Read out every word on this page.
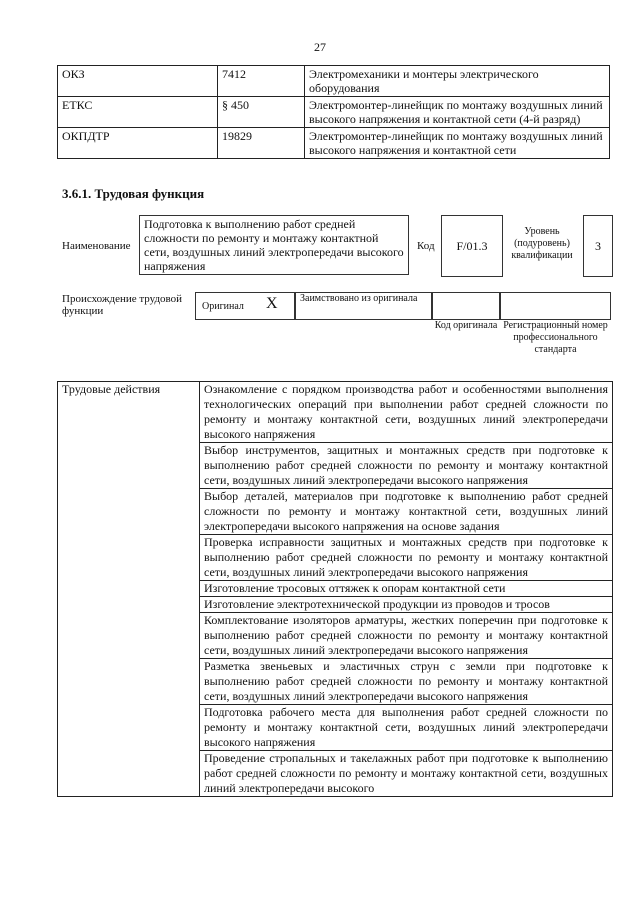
27
ОКЗ	7412	Электромеханики и монтеры электрического оборудования
ЕТКС	§ 450	Электромонтер-линейщик по монтажу воздушных линий высокого напряжения и контактной сети (4-й разряд)
ОКПДТР	19829	Электромонтер-линейщик по монтажу воздушных линий высокого напряжения и контактной сети
3.6.1. Трудовая функция
Наименование
Подготовка к выполнению работ средней сложности по ремонту и монтажу контактной сети, воздушных линий электропередачи высокого напряжения
Код	F/01.3
Уровень (подуровень) квалификации
3
Происхождение трудовой функции	Оригинал X	Заимствовано из оригинала
Код оригинала Регистрационный номер профессионального стандарта
Трудовые действия	Ознакомление с порядком производства работ и особенностями выполнения технологических операций при выполнении работ средней сложности по ремонту и монтажу контактной сети, воздушных линий электропередачи высокого напряжения
Выбор инструментов, защитных и монтажных средств при подготовке к выполнению работ средней сложности по ремонту и монтажу контактной сети, воздушных линий электропередачи высокого напряжения
Выбор деталей, материалов при подготовке к выполнению работ средней сложности по ремонту и монтажу контактной сети, воздушных линий электропередачи высокого напряжения на основе задания
Проверка исправности защитных и монтажных средств при подготовке к выполнению работ средней сложности по ремонту и монтажу контактной сети, воздушных линий электропередачи высокого напряжения
Изготовление тросовых оттяжек к опорам контактной сети
Изготовление электротехнической продукции из проводов и тросов
Комплектование изоляторов арматуры, жестких поперечин при подготовке к выполнению работ средней сложности по ремонту и монтажу контактной сети, воздушных линий электропередачи высокого напряжения
Разметка звеньевых и эластичных струн с земли при подготовке к выполнению работ средней сложности по ремонту и монтажу контактной сети, воздушных линий электропередачи высокого напряжения
Подготовка рабочего места для выполнения работ средней сложности по ремонту и монтажу контактной сети, воздушных линий электропередачи высокого напряжения
Проведение стропальных и такелажных работ при подготовке к выполнению работ средней сложности по ремонту и монтажу контактной сети, воздушных линий электропередачи высокого
